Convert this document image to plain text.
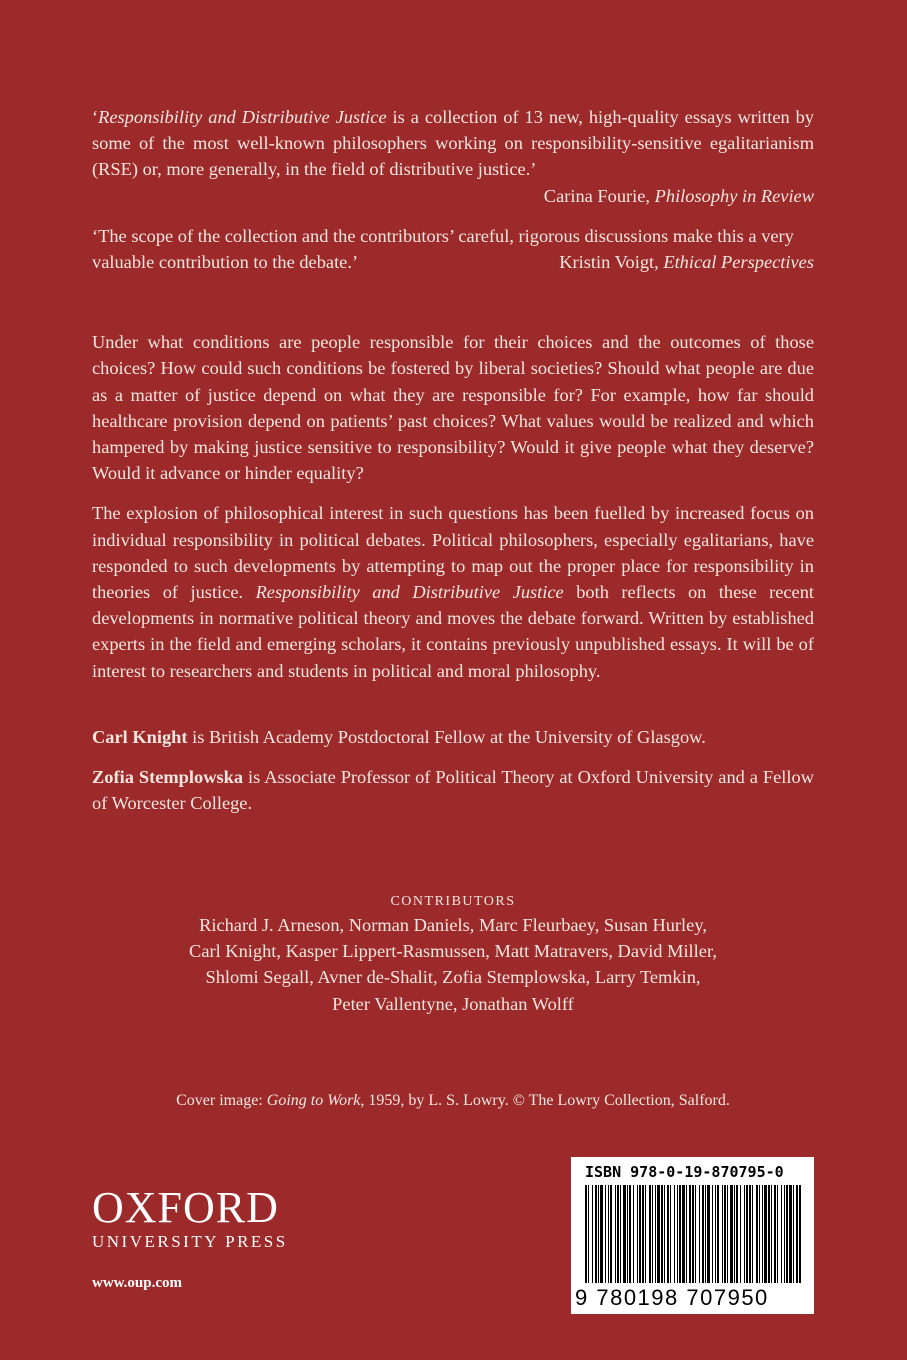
‘Responsibility and Distributive Justice is a collection of 13 new, high-quality essays written by some of the most well-known philosophers working on responsibility-sensitive egalitarianism (RSE) or, more generally, in the field of distributive justice.’

Carina Fourie, Philosophy in Review

‘The scope of the collection and the contributors’ careful, rigorous discussions make this a very valuable contribution to the debate.’	Kristin Voigt, Ethical Perspectives

Under what conditions are people responsible for their choices and the outcomes of those choices? How could such conditions be fostered by liberal societies? Should what people are due as a matter of justice depend on what they are responsible for? For example, how far should healthcare provision depend on patients’ past choices? What values would be realized and which hampered by making justice sensitive to responsibility? Would it give people what they deserve? Would it advance or hinder equality?

The explosion of philosophical interest in such questions has been fuelled by increased focus on individual responsibility in political debates. Political philosophers, especially egalitarians, have responded to such developments by attempting to map out the proper place for responsibility in theories of justice. Responsibility and Distributive Justice both reflects on these recent developments in normative political theory and moves the debate forward. Written by established experts in the field and emerging scholars, it contains previously unpublished essays. It will be of interest to researchers and students in political and moral philosophy.

Carl Knight is British Academy Postdoctoral Fellow at the University of Glasgow.

Zofia Stemplowska is Associate Professor of Political Theory at Oxford University and a Fellow of Worcester College.

CONTRIBUTORS
Richard J. Arneson, Norman Daniels, Marc Fleurbaey, Susan Hurley,
Carl Knight, Kasper Lippert-Rasmussen, Matt Matravers, David Miller,
Shlomi Segall, Avner de-Shalit, Zofia Stemplowska, Larry Temkin,
Peter Vallentyne, Jonathan Wolff
Cover image: Going to Work, 1959, by L. S. Lowry. © The Lowry Collection, Salford.
OXFORD
UNIVERSITY PRESS
www.oup.com
ISBN 978-0-19-870795-0
9 780198 707950
